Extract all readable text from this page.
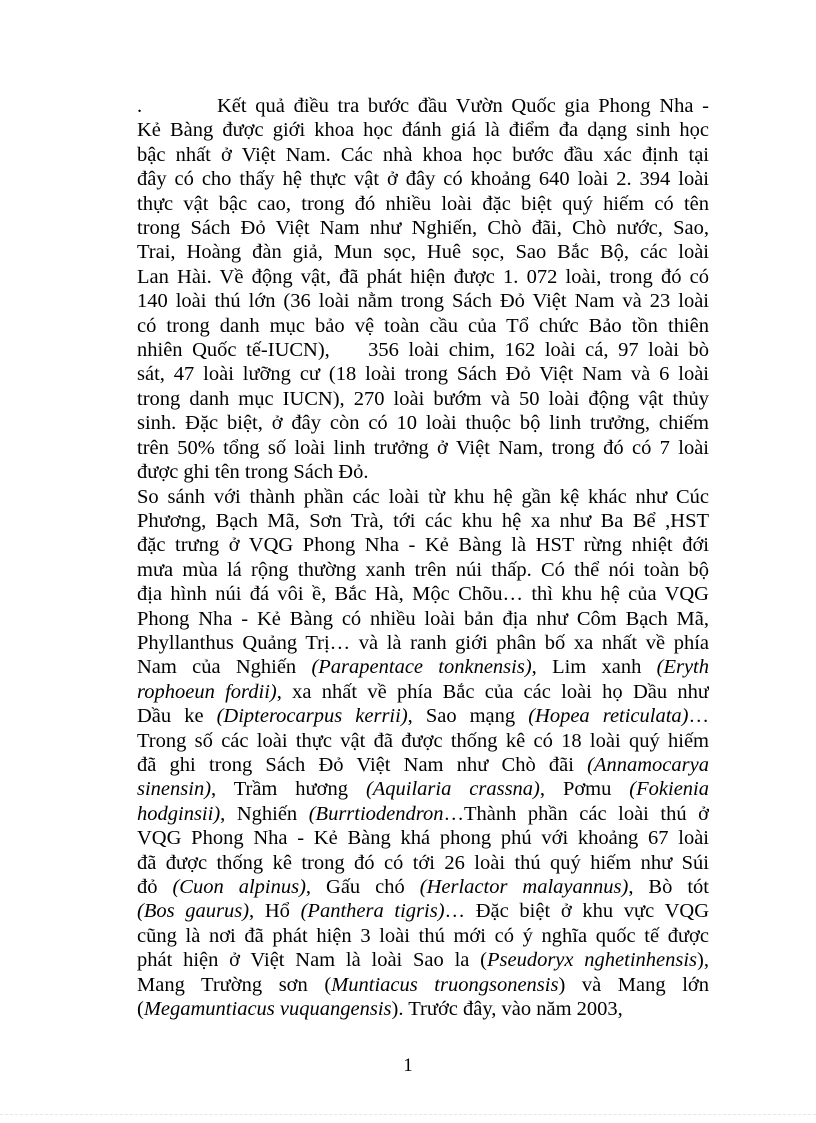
.	Kết quả điều tra bước đầu Vườn Quốc gia Phong Nha -
Kẻ Bàng được giới khoa học đánh giá là điểm đa dạng sinh học
bậc nhất ở Việt Nam. Các nhà khoa học bước đầu xác định tại
đây có cho thấy hệ thực vật ở đây có khoảng 640 loài 2. 394 loài
thực vật bậc cao, trong đó nhiều loài đặc biệt quý hiếm có tên
trong Sách Đỏ Việt Nam như Nghiến, Chò đãi, Chò nước, Sao,
Trai, Hoàng đàn giả, Mun sọc, Huê sọc, Sao Bắc Bộ, các loài
Lan Hài. Về động vật, đã phát hiện được 1. 072 loài, trong đó có
140 loài thú lớn (36 loài nằm trong Sách Đỏ Việt Nam và 23 loài
có trong danh mục bảo vệ toàn cầu của Tổ chức Bảo tồn thiên
nhiên Quốc tế-IUCN),    356 loài chim, 162 loài cá, 97 loài bò
sát, 47 loài lưỡng cư (18 loài trong Sách Đỏ Việt Nam và 6 loài
trong danh mục IUCN), 270 loài bướm và 50 loài động vật thủy
sinh. Đặc biệt, ở đây còn có 10 loài thuộc bộ linh trưởng, chiếm
trên 50% tổng số loài linh trưởng ở Việt Nam, trong đó có 7 loài
được ghi tên trong Sách Đỏ.
So sánh với thành phần các loài từ khu hệ gần kệ khác như Cúc
Phương, Bạch Mã, Sơn Trà, tới các khu hệ xa như Ba Bể ,HST
đặc trưng ở VQG Phong Nha - Kẻ Bàng là HST rừng nhiệt đới
mưa mùa lá rộng thường xanh trên núi thấp. Có thể nói toàn bộ
địa hình núi đá vôi ề, Bắc Hà, Mộc Chõu… thì khu hệ của VQG
Phong Nha - Kẻ Bàng có nhiều loài bản địa như Côm Bạch Mã,
Phyllanthus Quảng Trị… và là ranh giới phân bố xa nhất về phía
Nam của Nghiến (Parapentace tonknensis), Lim xanh (Eryth
rophoeun fordii), xa nhất về phía Bắc của các loài họ Dầu như
Dầu ke (Dipterocarpus kerrii), Sao mạng (Hopea reticulata)…
Trong số các loài thực vật đã được thống kê có 18 loài quý hiếm
đã ghi trong Sách Đỏ Việt Nam như Chò đãi (Annamocarya
sinensin), Trầm hương (Aquilaria crassna), Pơmu (Fokienia
hodginsii), Nghiến (Burrtiodendron…Thành phần các loài thú ở
VQG Phong Nha - Kẻ Bàng khá phong phú với khoảng 67 loài
đã được thống kê trong đó có tới 26 loài thú quý hiếm như Súi
đỏ (Cuon alpinus), Gấu chó (Herlactor malayannus), Bò tót
(Bos gaurus), Hổ (Panthera tigris)… Đặc biệt ở khu vực VQG
cũng là nơi đã phát hiện 3 loài thú mới có ý nghĩa quốc tế được
phát hiện ở Việt Nam là loài Sao la (Pseudoryx nghetinhensis),
Mang Trường sơn (Muntiacus truongsonensis) và Mang lớn
(Megamuntiacus vuquangensis). Trước đây, vào năm 2003,
1
